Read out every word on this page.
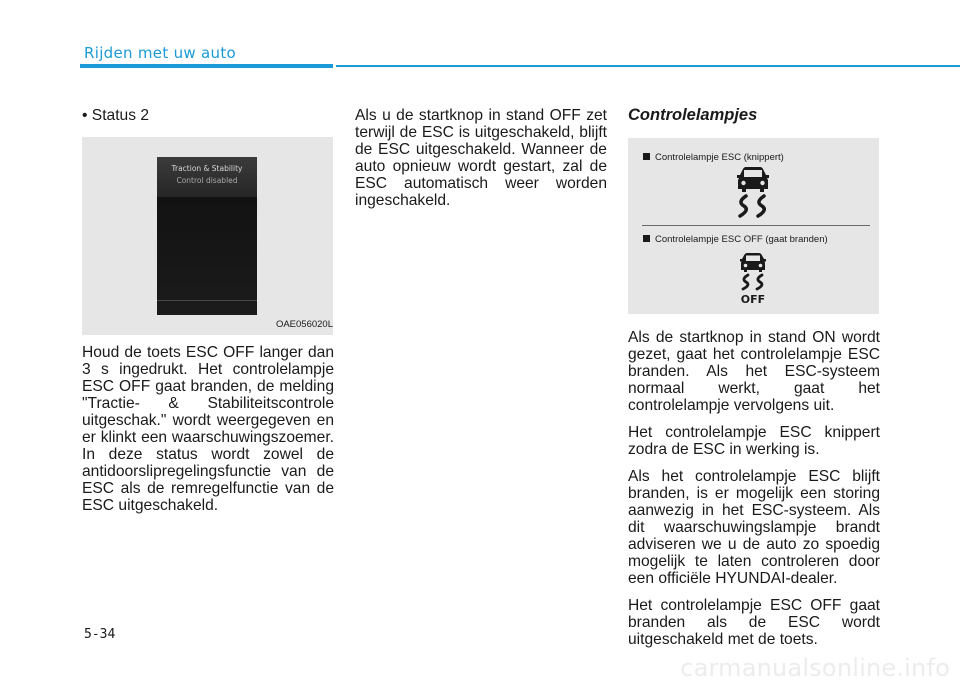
Rijden met uw auto

• Status 2

Traction & Stability
Control disabled
OAE056020L

Houd de toets ESC OFF langer dan 3 s ingedrukt. Het controlelampje ESC OFF gaat branden, de melding "Tractie- & Stabiliteitscontrole uitgeschak." wordt weergegeven en er klinkt een waarschuwingszoemer. In deze status wordt zowel de antidoorslipregelingsfunctie van de ESC als de remregelfunctie van de ESC uitgeschakeld.

Als u de startknop in stand OFF zet terwijl de ESC is uitgeschakeld, blijft de ESC uitgeschakeld. Wanneer de auto opnieuw wordt gestart, zal de ESC automatisch weer worden ingeschakeld.

Controlelampjes

Controlelampje ESC (knippert)
Controlelampje ESC OFF (gaat branden)
OFF

Als de startknop in stand ON wordt gezet, gaat het controlelampje ESC branden. Als het ESC-systeem normaal werkt, gaat het controlelampje vervolgens uit.

Het controlelampje ESC knippert zodra de ESC in werking is.

Als het controlelampje ESC blijft branden, is er mogelijk een storing aanwezig in het ESC-systeem. Als dit waarschuwingslampje brandt adviseren we u de auto zo spoedig mogelijk te laten controleren door een officiële HYUNDAI-dealer.

Het controlelampje ESC OFF gaat branden als de ESC wordt uitgeschakeld met de toets.

5-34
carmanualsonline.info
